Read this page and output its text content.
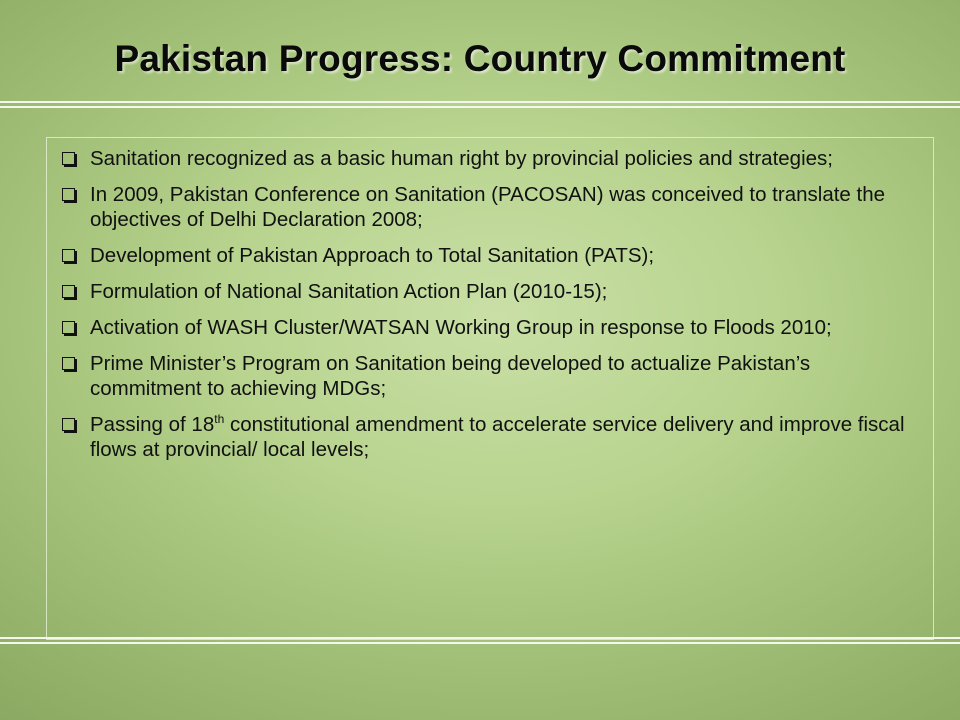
Pakistan Progress: Country Commitment
Sanitation recognized as a basic human right by provincial policies and strategies;
In 2009, Pakistan Conference on Sanitation (PACOSAN) was conceived to translate the objectives of Delhi Declaration 2008;
Development of Pakistan Approach to Total Sanitation (PATS);
Formulation of National Sanitation Action Plan (2010-15);
Activation of WASH Cluster/WATSAN Working Group in response to Floods 2010;
Prime Minister’s Program on Sanitation being developed to actualize Pakistan’s commitment to achieving MDGs;
Passing of 18th constitutional amendment to accelerate service delivery and improve fiscal flows at provincial/ local levels;
